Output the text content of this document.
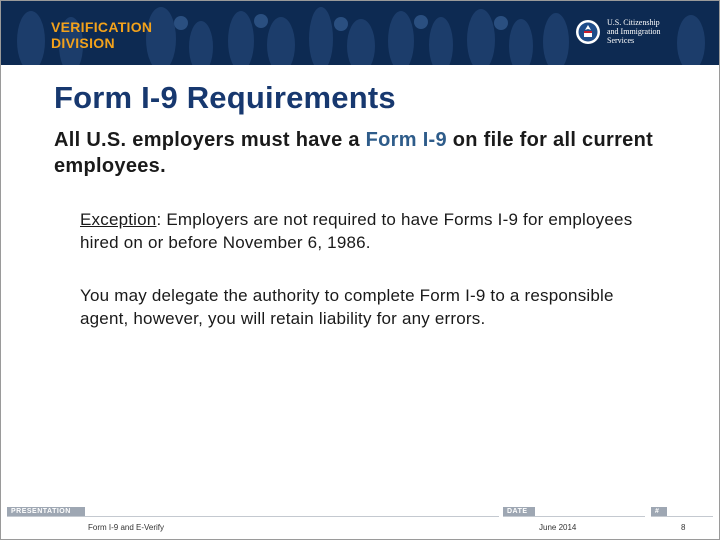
VERIFICATION
DIVISION
U.S. Citizenship
and Immigration
Services
Form I-9 Requirements
All U.S. employers must have a Form I-9 on file for all current employees.
Exception: Employers are not required to have Forms I-9 for employees hired on or before November 6, 1986.
You may delegate the authority to complete Form I-9 to a responsible agent, however, you will retain liability for any errors.
PRESENTATION
Form I-9 and E-Verify
DATE
June 2014
#
8
